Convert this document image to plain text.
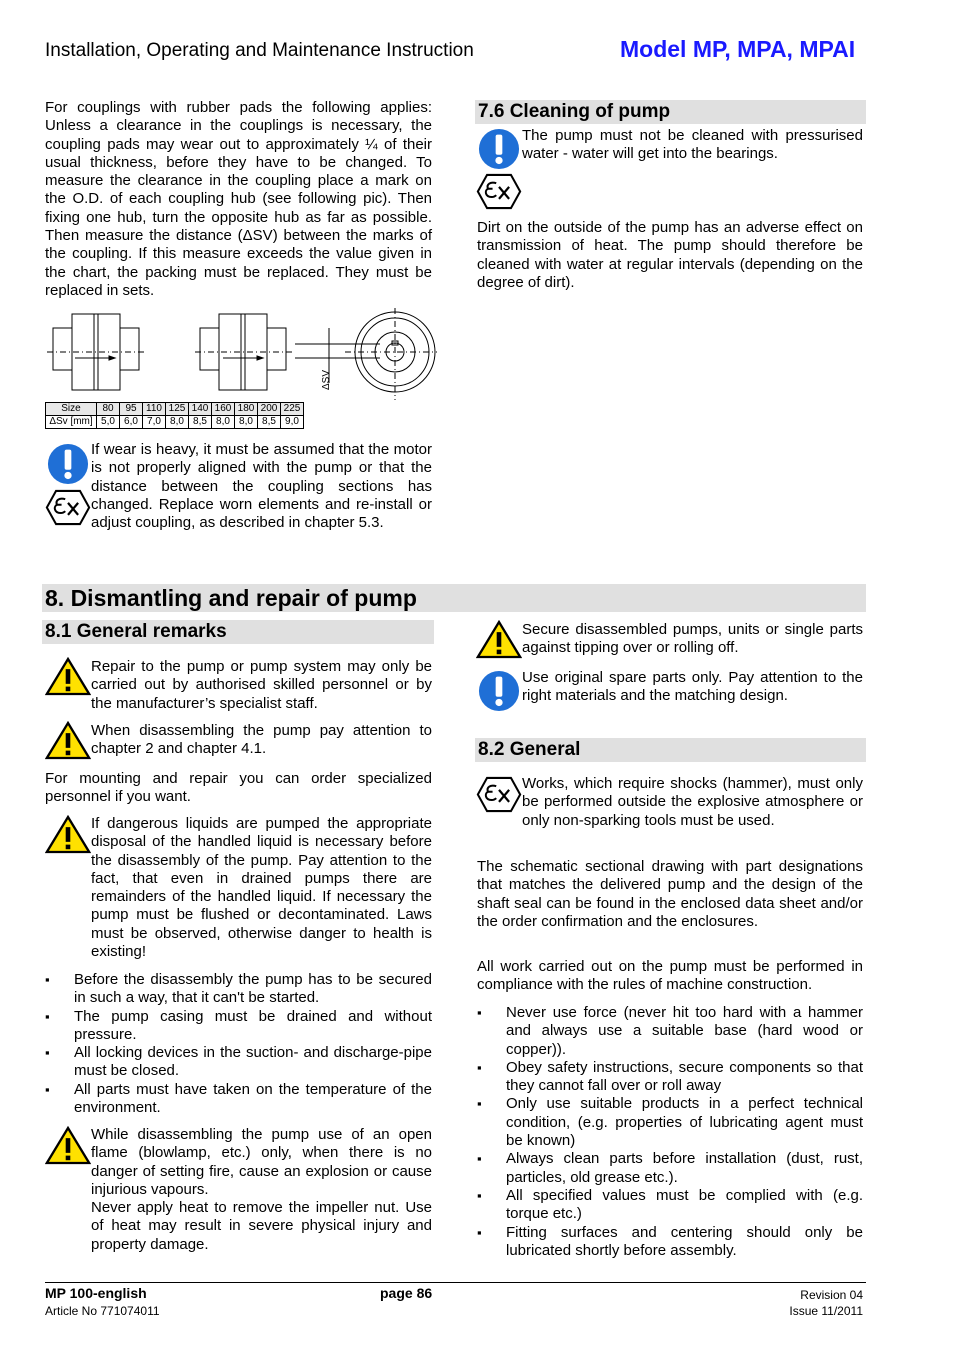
Installation, Operating and Maintenance Instruction	Model MP, MPA, MPAI
For couplings with rubber pads the following applies: Unless a clearance in the couplings is necessary, the coupling pads may wear out to approximately ¼ of their usual thickness, before they have to be changed. To measure the clearance in the coupling place a mark on the O.D. of each coupling hub (see following pic). Then fixing one hub, turn the opposite hub as far as possible. Then measure the distance (ΔSV) between the marks of the coupling. If this measure exceeds the value given in the chart, the packing must be replaced. They must be replaced in sets.
ΔSV
Size	80	95	110	125	140	160	180	200	225
ΔSv [mm]	5,0	6,0	7,0	8,0	8,5	8,0	8,0	8,5	9,0
If wear is heavy, it must be assumed that the motor is not properly aligned with the pump or that the distance between the coupling sections has changed. Replace worn elements and re-install or adjust coupling, as described in chapter 5.3.
7.6 Cleaning of pump
The pump must not be cleaned with pressurised water - water will get into the bearings.
Dirt on the outside of the pump has an adverse effect on transmission of heat. The pump should therefore be cleaned with water at regular intervals (depending on the degree of dirt).
8. Dismantling and repair of pump
8.1 General remarks
Repair to the pump or pump system may only be carried out by authorised skilled personnel or by the manufacturer’s specialist staff.
When disassembling the pump pay attention to chapter 2 and chapter 4.1.
For mounting and repair you can order specialized personnel if you want.
If dangerous liquids are pumped the appropriate disposal of the handled liquid is necessary before the disassembly of the pump. Pay attention to the fact, that even in drained pumps there are remainders of the handled liquid. If necessary the pump must be flushed or decontaminated. Laws must be observed, otherwise danger to health is existing!
▪ Before the disassembly the pump has to be secured in such a way, that it can't be started.
▪ The pump casing must be drained and without pressure.
▪ All locking devices in the suction- and discharge-pipe must be closed.
▪ All parts must have taken on the temperature of the environment.
While disassembling the pump use of an open flame (blowlamp, etc.) only, when there is no danger of setting fire, cause an explosion or cause injurious vapours.
Never apply heat to remove the impeller nut. Use of heat may result in severe physical injury and property damage.
Secure disassembled pumps, units or single parts against tipping over or rolling off.
Use original spare parts only. Pay attention to the right materials and the matching design.
8.2 General
Works, which require shocks (hammer), must only be performed outside the explosive atmosphere or only non-sparking tools must be used.
The schematic sectional drawing with part designations that matches the delivered pump and the design of the shaft seal can be found in the enclosed data sheet and/or the order confirmation and the enclosures.
All work carried out on the pump must be performed in compliance with the rules of machine construction.
▪ Never use force (never hit too hard with a hammer and always use a suitable base (hard wood or copper)).
▪ Obey safety instructions, secure components so that they cannot fall over or roll away
▪ Only use suitable products in a perfect technical condition, (e.g. properties of lubricating agent must be known)
▪ Always clean parts before installation (dust, rust, particles, old grease etc.).
▪ All specified values must be complied with (e.g. torque etc.)
▪ Fitting surfaces and centering should only be lubricated shortly before assembly.
MP 100-english
Article No 771074011
page 86	Revision 04
Issue 11/2011
